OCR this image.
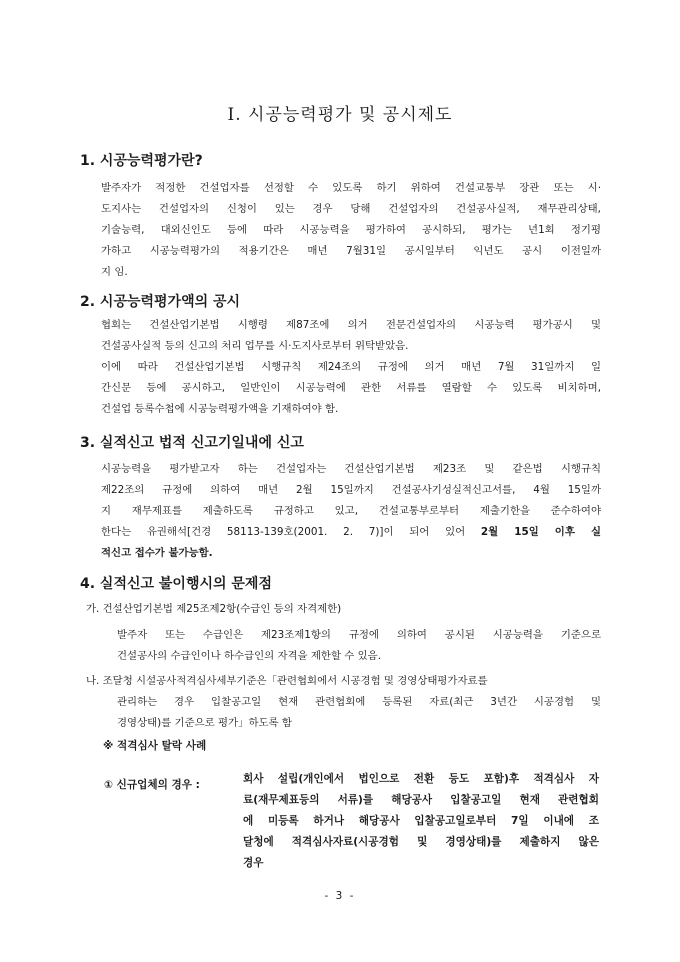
I. 시공능력평가 및 공시제도
1. 시공능력평가란?
발주자가 적정한 건설업자를 선정할 수 있도록 하기 위하여 건설교통부 장관 또는 시·
도지사는 건설업자의 신청이 있는 경우 당해 건설업자의 건설공사실적, 재무관리상태,
기술능력, 대외신인도 등에 따라 시공능력을 평가하여 공시하되, 평가는 년1회 정기평
가하고 시공능력평가의 적용기간은 매년 7월31일 공시일부터 익년도 공시 이전일까
지 임.
2. 시공능력평가액의 공시
협회는 건설산업기본법 시행령 제87조에 의거 전문건설업자의 시공능력 평가공시 및
건설공사실적 등의 신고의 처리 업무를 시·도지사로부터 위탁받았음.
이에 따라 건설산업기본법 시행규칙 제24조의 규정에 의거 매년 7월 31일까지 일
간신문 등에 공시하고, 일반인이 시공능력에 관한 서류를 열람할 수 있도록 비치하며,
건설업 등록수첩에 시공능력평가액을 기재하여야 함.
3. 실적신고 법적 신고기일내에 신고
시공능력을 평가받고자 하는 건설업자는 건설산업기본법 제23조 및 같은법 시행규칙
제22조의 규정에 의하여 매년 2월 15일까지 건설공사기성실적신고서를, 4월 15일까
지 재무제표를 제출하도록 규정하고 있고, 건설교통부로부터 제출기한을 준수하여야
한다는 유권해석[건경 58113-139호(2001. 2. 7)]이 되어 있어 2월 15일 이후 실
적신고 접수가 불가능함.
4. 실적신고 불이행시의 문제점
가. 건설산업기본법 제25조제2항(수급인 등의 자격제한)
발주자 또는 수급인은 제23조제1항의 규정에 의하여 공시된 시공능력을 기준으로
건설공사의 수급인이나 하수급인의 자격을 제한할 수 있음.
나. 조달청 시설공사적격심사세부기준은「관련협회에서 시공경험 및 경영상태평가자료를
관리하는 경우 입찰공고일 현재 관련협회에 등록된 자료(최근 3년간 시공경험 및
경영상태)를 기준으로 평가」하도록 함
※ 적격심사 탈락 사례
① 신규업체의 경우 :	회사 설립(개인에서 법인으로 전환 등도 포함)후 적격심사 자
료(재무제표등의 서류)를 해당공사 입찰공고일 현재 관련협회
에 미등록 하거나 해당공사 입찰공고일로부터 7일 이내에 조
달청에 적격심사자료(시공경험 및 경영상태)를 제출하지 않은
경우
- 3 -
